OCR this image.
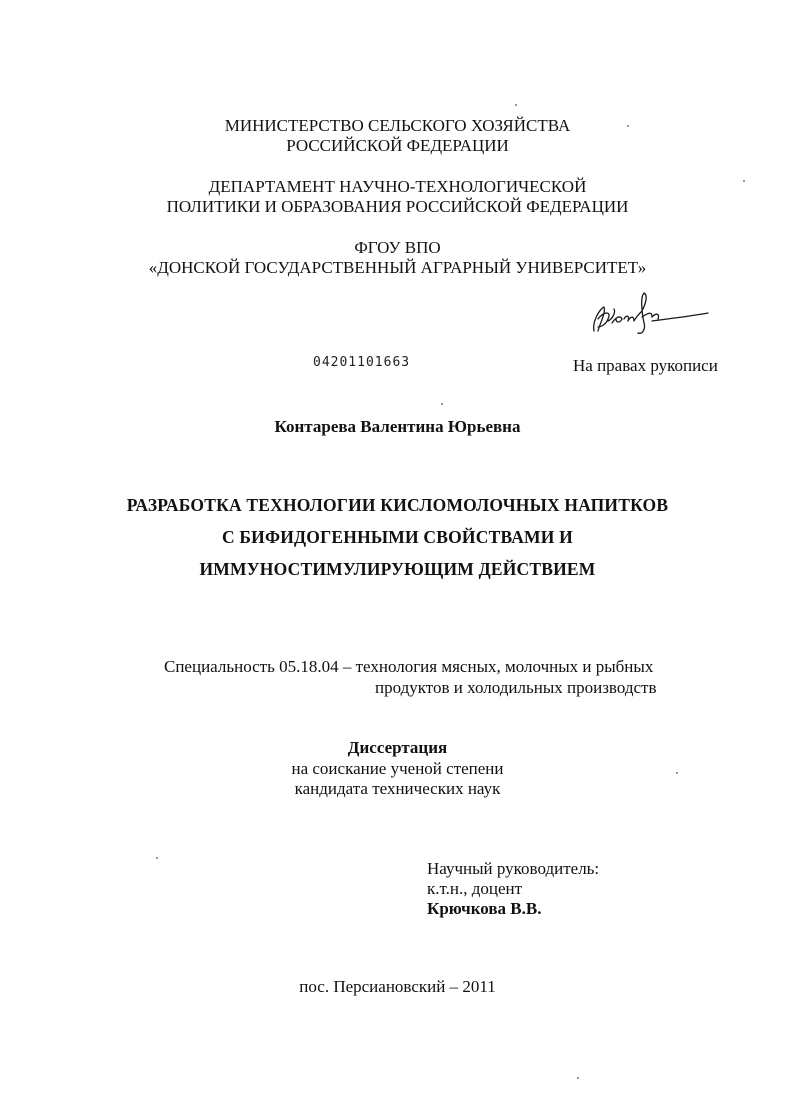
МИНИСТЕРСТВО СЕЛЬСКОГО ХОЗЯЙСТВА
РОССИЙСКОЙ ФЕДЕРАЦИИ
ДЕПАРТАМЕНТ НАУЧНО-ТЕХНОЛОГИЧЕСКОЙ
ПОЛИТИКИ И ОБРАЗОВАНИЯ РОССИЙСКОЙ ФЕДЕРАЦИИ
ФГОУ ВПО
«ДОНСКОЙ ГОСУДАРСТВЕННЫЙ АГРАРНЫЙ УНИВЕРСИТЕТ»
04201101663	На правах рукописи
Контарева Валентина Юрьевна
РАЗРАБОТКА ТЕХНОЛОГИИ КИСЛОМОЛОЧНЫХ НАПИТКОВ
С БИФИДОГЕННЫМИ СВОЙСТВАМИ И
ИММУНОСТИМУЛИРУЮЩИМ ДЕЙСТВИЕМ
Специальность 05.18.04 – технология мясных, молочных и рыбных
продуктов и холодильных производств
Диссертация
на соискание ученой степени
кандидата технических наук
Научный руководитель:
к.т.н., доцент
Крючкова В.В.
пос. Персиановский – 2011
